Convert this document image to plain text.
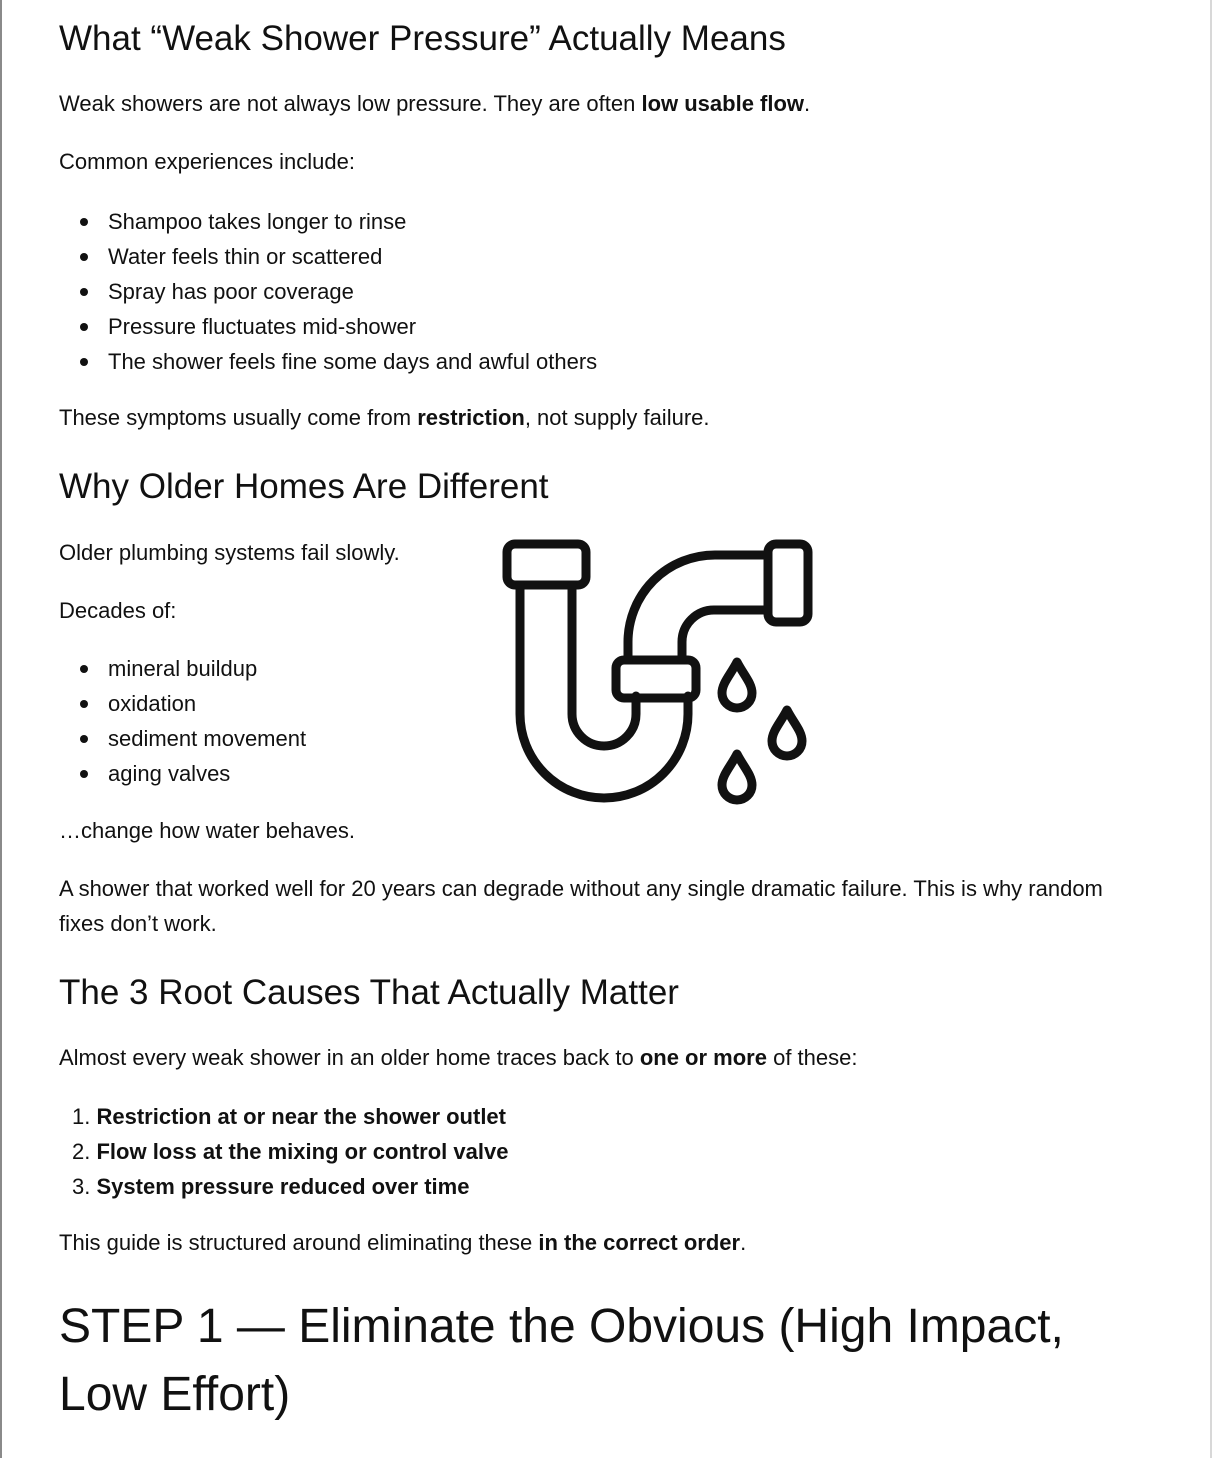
What “Weak Shower Pressure” Actually Means

Weak showers are not always low pressure. They are often low usable flow.

Common experiences include:

Shampoo takes longer to rinse
Water feels thin or scattered
Spray has poor coverage
Pressure fluctuates mid-shower
The shower feels fine some days and awful others

These symptoms usually come from restriction, not supply failure.

Why Older Homes Are Different

Older plumbing systems fail slowly.

Decades of:

mineral buildup
oxidation
sediment movement
aging valves

…change how water behaves.

A shower that worked well for 20 years can degrade without any single dramatic failure. This is why random fixes don’t work.

The 3 Root Causes That Actually Matter

Almost every weak shower in an older home traces back to one or more of these:

1. Restriction at or near the shower outlet
2. Flow loss at the mixing or control valve
3. System pressure reduced over time

This guide is structured around eliminating these in the correct order.

STEP 1 — Eliminate the Obvious (High Impact, Low Effort)
